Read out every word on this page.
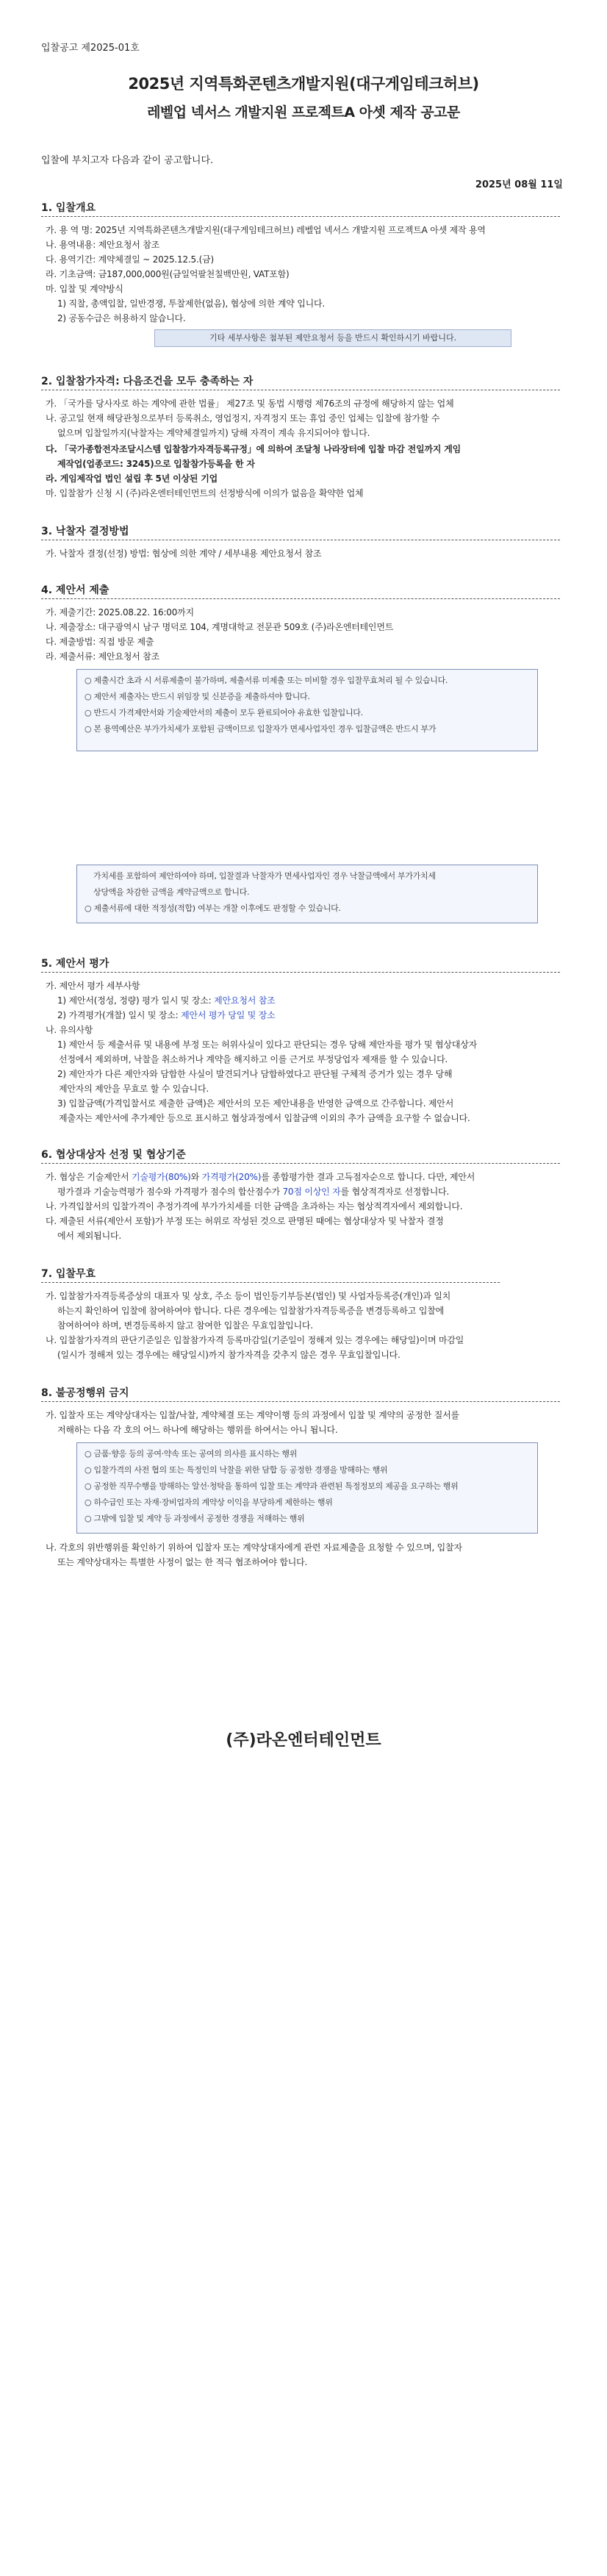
입찰공고 제2025-01호
2025년 지역특화콘텐츠개발지원(대구게임테크허브)
레벨업 넥서스 개발지원 프로젝트A 아셋 제작 공고문
입찰에 부치고자 다음과 같이 공고합니다.
2025년 08월 11일
1. 입찰개요
가. 용 역 명: 2025년 지역특화콘텐츠개발지원(대구게임테크허브) 레벨업 넥서스 개발지원 프로젝트A 아셋 제작 용역
나. 용역내용: 제안요청서 참조
다. 용역기간: 계약체결일 ~ 2025.12.5.(금)
라. 기초금액: 금187,000,000원(금일억팔천칠백만원, VAT포함)
마. 입찰 및 계약방식
1) 직찰, 총액입찰, 일반경쟁, 투찰제한(없음), 협상에 의한 계약 입니다.
2) 공동수급은 허용하지 않습니다.
기타 세부사항은 첨부된 제안요청서 등을 반드시 확인하시기 바랍니다.
2. 입찰참가자격: 다음조건을 모두 충족하는 자
가. 「국가를 당사자로 하는 계약에 관한 법률」 제27조 및 동법 시행령 제76조의 규정에 해당하지 않는 업체
나. 공고일 현재 해당관청으로부터 등록취소, 영업정지, 자격정지 또는 휴업 중인 업체는 입찰에 참가할 수
없으며 입찰일까지(낙찰자는 계약체결일까지) 당해 자격이 계속 유지되어야 합니다.
다. 「국가종합전자조달시스템 입찰참가자격등록규정」에 의하여 조달청 나라장터에 입찰 마감 전일까지 게임
제작업(업종코드: 3245)으로 입찰참가등록을 한 자
라. 게임제작업 법인 설립 후 5년 이상된 기업
마. 입찰참가 신청 시 (주)라온엔터테인먼트의 선정방식에 이의가 없음을 확약한 업체
3. 낙찰자 결정방법
가. 낙찰자 결정(선정) 방법: 협상에 의한 계약 / 세부내용 제안요청서 참조
4. 제안서 제출
가. 제출기간: 2025.08.22. 16:00까지
나. 제출장소: 대구광역시 남구 명덕로 104, 계명대학교 전문관 509호 (주)라온엔터테인먼트
다. 제출방법: 직접 방문 제출
라. 제출서류: 제안요청서 참조
○ 제출시간 초과 시 서류제출이 불가하며, 제출서류 미제출 또는 미비할 경우 입찰무효처리 될 수 있습니다.
○ 제안서 제출자는 반드시 위임장 및 신분증을 제출하셔야 합니다.
○ 반드시 가격제안서와 기술제안서의 제출이 모두 완료되어야 유효한 입찰입니다.
○ 본 용역예산은 부가가치세가 포함된 금액이므로 입찰자가 면세사업자인 경우 입찰금액은 반드시 부가
가치세를 포함하여 제안하여야 하며, 입찰결과 낙찰자가 면세사업자인 경우 낙찰금액에서 부가가치세
상당액을 차감한 금액을 계약금액으로 합니다.
○ 제출서류에 대한 적정성(적합) 여부는 개찰 이후에도 판정할 수 있습니다.
5. 제안서 평가
가. 제안서 평가 세부사항
1) 제안서(정성, 정량) 평가 일시 및 장소: 제안요청서 참조
2) 가격평가(개찰) 일시 및 장소: 제안서 평가 당일 및 장소
나. 유의사항
1) 제안서 등 제출서류 및 내용에 부정 또는 허위사실이 있다고 판단되는 경우 당해 제안자를 평가 및 협상대상자
선정에서 제외하며, 낙찰을 취소하거나 계약을 해지하고 이를 근거로 부정당업자 제재를 할 수 있습니다.
2) 제안자가 다른 제안자와 담합한 사실이 발견되거나 담합하였다고 판단될 구체적 증거가 있는 경우 당해
제안자의 제안을 무효로 할 수 있습니다.
3) 입찰금액(가격입찰서로 제출한 금액)은 제안서의 모든 제안내용을 반영한 금액으로 간주합니다. 제안서
제출자는 제안서에 추가제안 등으로 표시하고 협상과정에서 입찰금액 이외의 추가 금액을 요구할 수 없습니다.
6. 협상대상자 선정 및 협상기준
가. 협상은 기술제안서 기술평가(80%)와 가격평가(20%)를 종합평가한 결과 고득점자순으로 합니다. 다만, 제안서
평가결과 기술능력평가 점수와 가격평가 점수의 합산점수가 70점 이상인 자를 협상적격자로 선정합니다.
나. 가격입찰서의 입찰가격이 추정가격에 부가가치세를 더한 금액을 초과하는 자는 협상적격자에서 제외합니다.
다. 제출된 서류(제안서 포함)가 부정 또는 허위로 작성된 것으로 판명된 때에는 협상대상자 및 낙찰자 결정
에서 제외됩니다.
7. 입찰무효
가. 입찰참가자격등록증상의 대표자 및 상호, 주소 등이 법인등기부등본(법인) 및 사업자등록증(개인)과 일치
하는지 확인하여 입찰에 참여하여야 합니다. 다른 경우에는 입찰참가자격등록증을 변경등록하고 입찰에
참여하여야 하며, 변경등록하지 않고 참여한 입찰은 무효입찰입니다.
나. 입찰참가자격의 판단기준일은 입찰참가자격 등록마감일(기준일이 정해져 있는 경우에는 해당일)이며 마감일
(일시가 정해져 있는 경우에는 해당일시)까지 참가자격을 갖추지 않은 경우 무효입찰입니다.
8. 불공정행위 금지
가. 입찰자 또는 계약상대자는 입찰/낙찰, 계약체결 또는 계약이행 등의 과정에서 입찰 및 계약의 공정한 질서를
저해하는 다음 각 호의 어느 하나에 해당하는 행위를 하여서는 아니 됩니다.
○ 금품·향응 등의 공여·약속 또는 공여의 의사를 표시하는 행위
○ 입찰가격의 사전 협의 또는 특정인의 낙찰을 위한 담합 등 공정한 경쟁을 방해하는 행위
○ 공정한 직무수행을 방해하는 알선·청탁을 통하여 입찰 또는 계약과 관련된 특정정보의 제공을 요구하는 행위
○ 하수급인 또는 자재·장비업자의 계약상 이익을 부당하게 제한하는 행위
○ 그밖에 입찰 및 계약 등 과정에서 공정한 경쟁을 저해하는 행위
나. 각호의 위반행위를 확인하기 위하여 입찰자 또는 계약상대자에게 관련 자료제출을 요청할 수 있으며, 입찰자
또는 계약상대자는 특별한 사정이 없는 한 적극 협조하여야 합니다.
(주)라온엔터테인먼트
